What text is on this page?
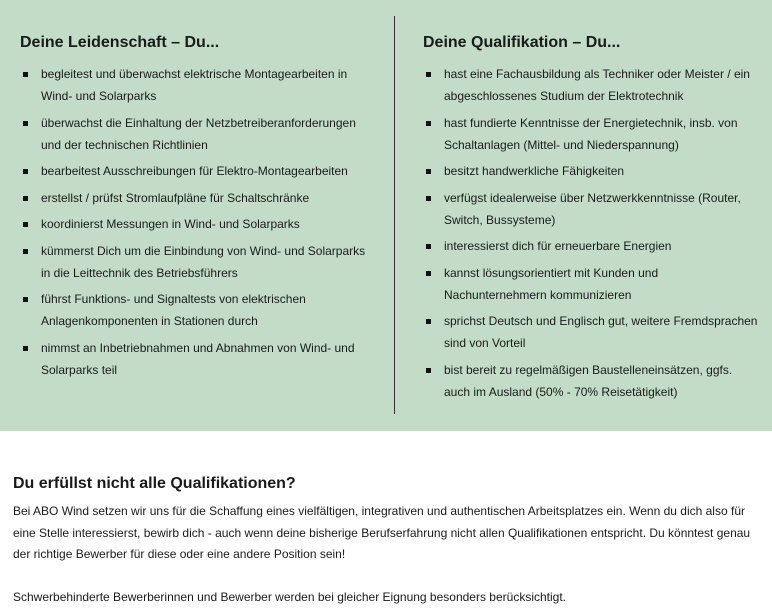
Deine Leidenschaft – Du...
begleitest und überwachst elektrische Montagearbeiten in Wind- und Solarparks
überwachst die Einhaltung der Netzbetreiberanforderungen und der technischen Richtlinien
bearbeitest Ausschreibungen für Elektro-Montagearbeiten
erstellst / prüfst Stromlaufpläne für Schaltschränke
koordinierst Messungen in Wind- und Solarparks
kümmerst Dich um die Einbindung von Wind- und Solarparks in die Leittechnik des Betriebsführers
führst Funktions- und Signaltests von elektrischen Anlagenkomponenten in Stationen durch
nimmst an Inbetriebnahmen und Abnahmen von Wind- und Solarparks teil
Deine Qualifikation – Du...
hast eine Fachausbildung als Techniker oder Meister / ein abgeschlossenes Studium der Elektrotechnik
hast fundierte Kenntnisse der Energietechnik, insb. von Schaltanlagen (Mittel- und Niederspannung)
besitzt handwerkliche Fähigkeiten
verfügst idealerweise über Netzwerkkenntnisse (Router, Switch, Bussysteme)
interessierst dich für erneuerbare Energien
kannst lösungsorientiert mit Kunden und Nachunternehmern kommunizieren
sprichst Deutsch und Englisch gut, weitere Fremdsprachen sind von Vorteil
bist bereit zu regelmäßigen Baustelleneinsätzen, ggfs. auch im Ausland (50% - 70% Reisetätigkeit)
Du erfüllst nicht alle Qualifikationen?

Bei ABO Wind setzen wir uns für die Schaffung eines vielfältigen, integrativen und authentischen Arbeitsplatzes ein. Wenn du dich also für eine Stelle interessierst, bewirb dich - auch wenn deine bisherige Berufserfahrung nicht allen Qualifikationen entspricht. Du könntest genau der richtige Bewerber für diese oder eine andere Position sein!

Schwerbehinderte Bewerberinnen und Bewerber werden bei gleicher Eignung besonders berücksichtigt.
